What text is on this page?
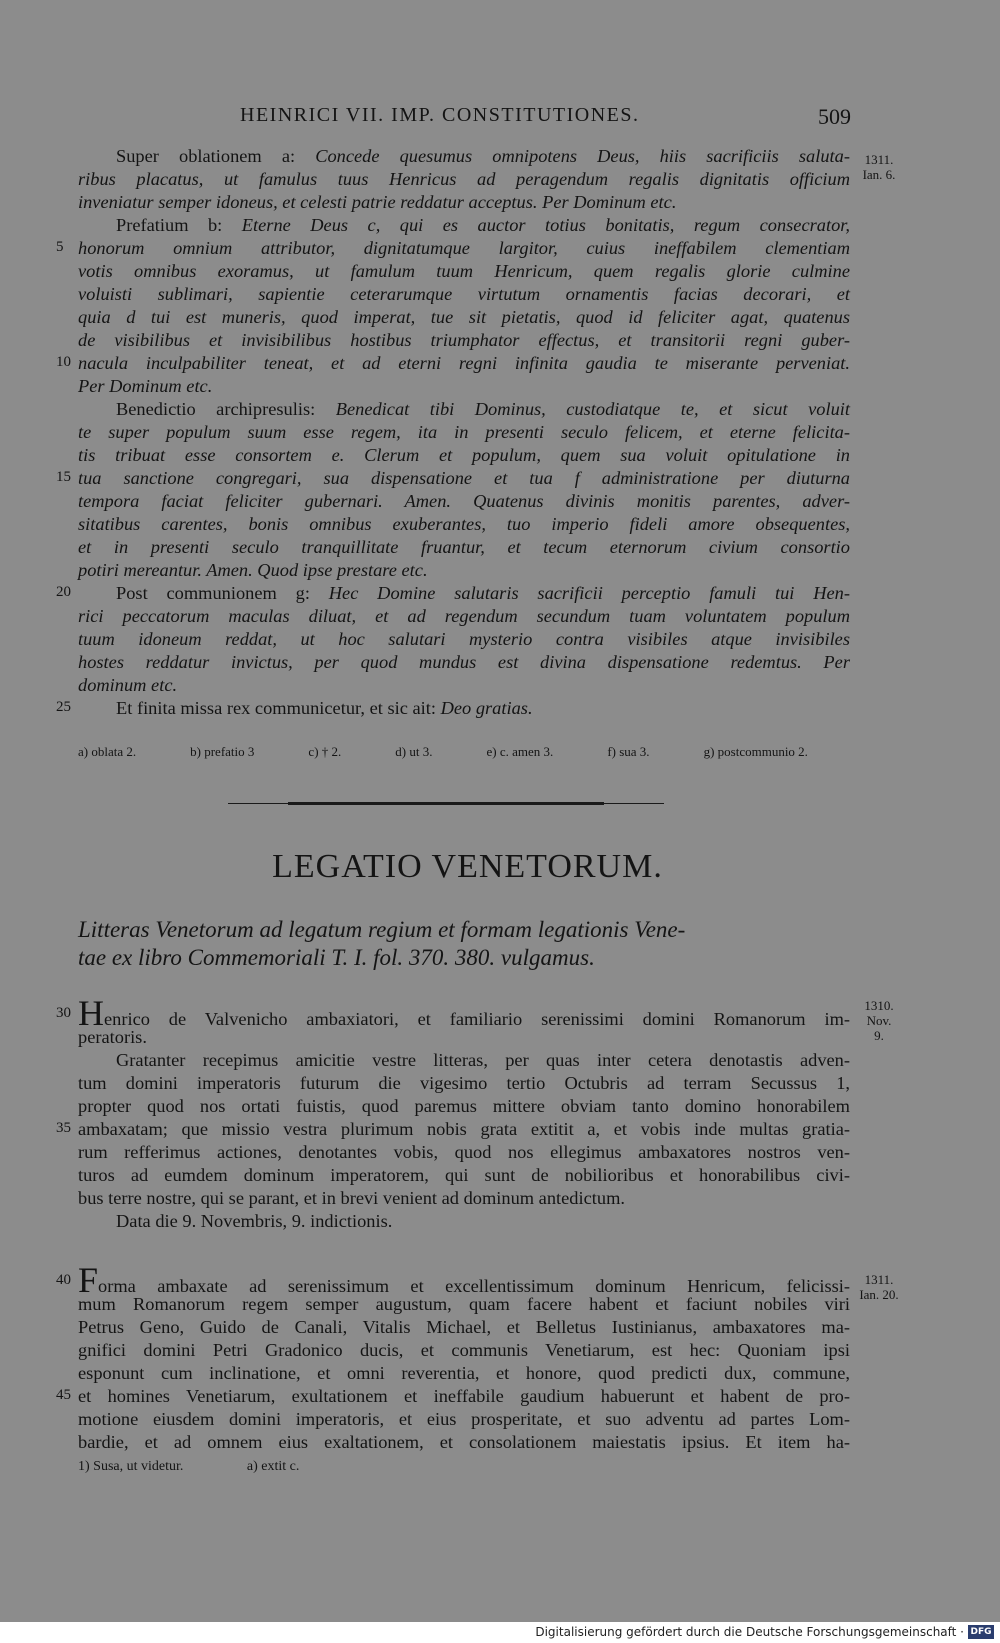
HEINRICI VII. IMP. CONSTITUTIONES.	509
Super oblationem a: Concede quesumus omnipotens Deus, hiis sacrificiis saluta-
ribus placatus, ut famulus tuus Henricus ad peragendum regalis dignitatis officium
inveniatur semper idoneus, et celesti patrie reddatur acceptus. Per Dominum etc.
Prefatium b: Eterne Deus c, qui es auctor totius bonitatis, regum consecrator,
honorum omnium attributor, dignitatumque largitor, cuius ineffabilem clementiam
votis omnibus exoramus, ut famulum tuum Henricum, quem regalis glorie culmine
voluisti sublimari, sapientie ceterarumque virtutum ornamentis facias decorari, et
quia d tui est muneris, quod imperat, tue sit pietatis, quod id feliciter agat, quatenus
de visibilibus et invisibilibus hostibus triumphator effectus, et transitorii regni guber-
nacula inculpabiliter teneat, et ad eterni regni infinita gaudia te miserante perveniat.
Per Dominum etc.
Benedictio archipresulis: Benedicat tibi Dominus, custodiatque te, et sicut voluit
te super populum suum esse regem, ita in presenti seculo felicem, et eterne felicita-
tis tribuat esse consortem e. Clerum et populum, quem sua voluit opitulatione in
tua sanctione congregari, sua dispensatione et tua f administratione per diuturna
tempora faciat feliciter gubernari. Amen. Quatenus divinis monitis parentes, adver-
sitatibus carentes, bonis omnibus exuberantes, tuo imperio fideli amore obsequentes,
et in presenti seculo tranquillitate fruantur, et tecum eternorum civium consortio
potiri mereantur. Amen. Quod ipse prestare etc.
Post communionem g: Hec Domine salutaris sacrificii perceptio famuli tui Hen-
rici peccatorum maculas diluat, et ad regendum secundum tuam voluntatem populum
tuum idoneum reddat, ut hoc salutari mysterio contra visibiles atque invisibiles
hostes reddatur invictus, per quod mundus est divina dispensatione redemtus. Per
dominum etc.
Et finita missa rex communicetur, et sic ait: Deo gratias.
5
10
15
20
25
1311.
Ian. 6.
a) oblata 2.	b) prefatio 3	c) † 2.	d) ut 3.	e) c. amen 3.	f) sua 3.	g) postcommunio 2.
LEGATIO VENETORUM.
Litteras Venetorum ad legatum regium et formam legationis Vene-
tae ex libro Commemoriali T. I. fol. 370. 380. vulgamus.
Henrico de Valvenicho ambaxiatori, et familiario serenissimi domini Romanorum im-
peratoris.
Gratanter recepimus amicitie vestre litteras, per quas inter cetera denotastis adven-
tum domini imperatoris futurum die vigesimo tertio Octubris ad terram Secussus 1,
propter quod nos ortati fuistis, quod paremus mittere obviam tanto domino honorabilem
ambaxatam; que missio vestra plurimum nobis grata extitit a, et vobis inde multas gratia-
rum refferimus actiones, denotantes vobis, quod nos ellegimus ambaxatores nostros ven-
turos ad eumdem dominum imperatorem, qui sunt de nobilioribus et honorabilibus civi-
bus terre nostre, qui se parant, et in brevi venient ad dominum antedictum.
Data die 9. Novembris, 9. indictionis.
30
35
1310.
Nov.
9.
Forma ambaxate ad serenissimum et excellentissimum dominum Henricum, felicissi-
mum Romanorum regem semper augustum, quam facere habent et faciunt nobiles viri
Petrus Geno, Guido de Canali, Vitalis Michael, et Belletus Iustinianus, ambaxatores ma-
gnifici domini Petri Gradonico ducis, et communis Venetiarum, est hec: Quoniam ipsi
esponunt cum inclinatione, et omni reverentia, et honore, quod predicti dux, commune,
et homines Venetiarum, exultationem et ineffabile gaudium habuerunt et habent de pro-
motione eiusdem domini imperatoris, et eius prosperitate, et suo adventu ad partes Lom-
bardie, et ad omnem eius exaltationem, et consolationem maiestatis ipsius. Et item ha-
40
45
1311.
Ian. 20.
1) Susa, ut videtur.	a) extit c.
Digitalisierung gefördert durch die Deutsche Forschungsgemeinschaft · DFG
